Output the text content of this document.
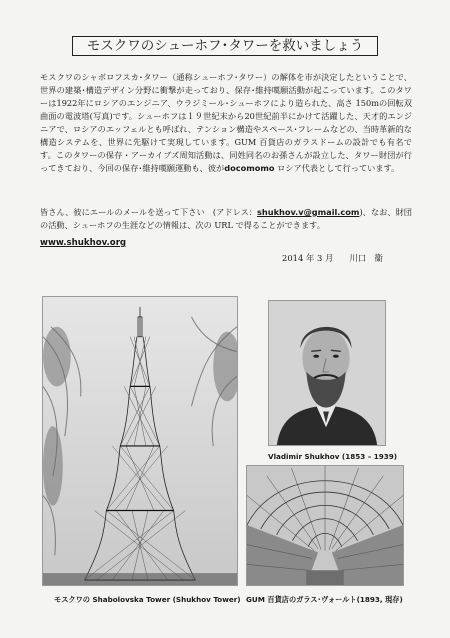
モスクワのシューホフ･タワーを救いましょう
モスクワのシャボロフスカ･タワー（通称シューホフ･タワー）の解体を市が決定したということで、世界の建築･構造デザイン分野に衝撃が走っており、保存･維持嘆願活動が起こっています。このタワーは1922年にロシアのエンジニア、ウラジミール･シューホフにより造られた、高さ 150mの回転双曲面の電波塔(写真)です。シューホフは１９世紀末から20世紀前半にかけて活躍した、天才的エンジニアで、ロシアのエッフェルとも呼ばれ、テンション構造やスペース･フレームなどの、当時革新的な構造システムを、世界に先駆けて実現しています。GUM 百貨店のガラスドームの設計でも有名です。このタワーの保存・アーカイブズ周知活動は、同姓同名のお孫さんが設立した、タワー財団が行ってきており、今回の保存･維持嘆願運動も、彼がdocomomo ロシア代表として行っています。
皆さん、彼にエールのメールを送って下さい　(アドレス：shukhov.v@gmail.com)、なお、財団の活動、シューホフの生涯などの情報は、次の URL で得ることができます。
www.shukhov.org
2014 年 3 月 川口　衞
モスクワの Shabolovska Tower (Shukhov Tower)
Vladimir Shukhov (1853 – 1939)
GUM 百貨店のガラス･ヴォールト(1893, 現存)
